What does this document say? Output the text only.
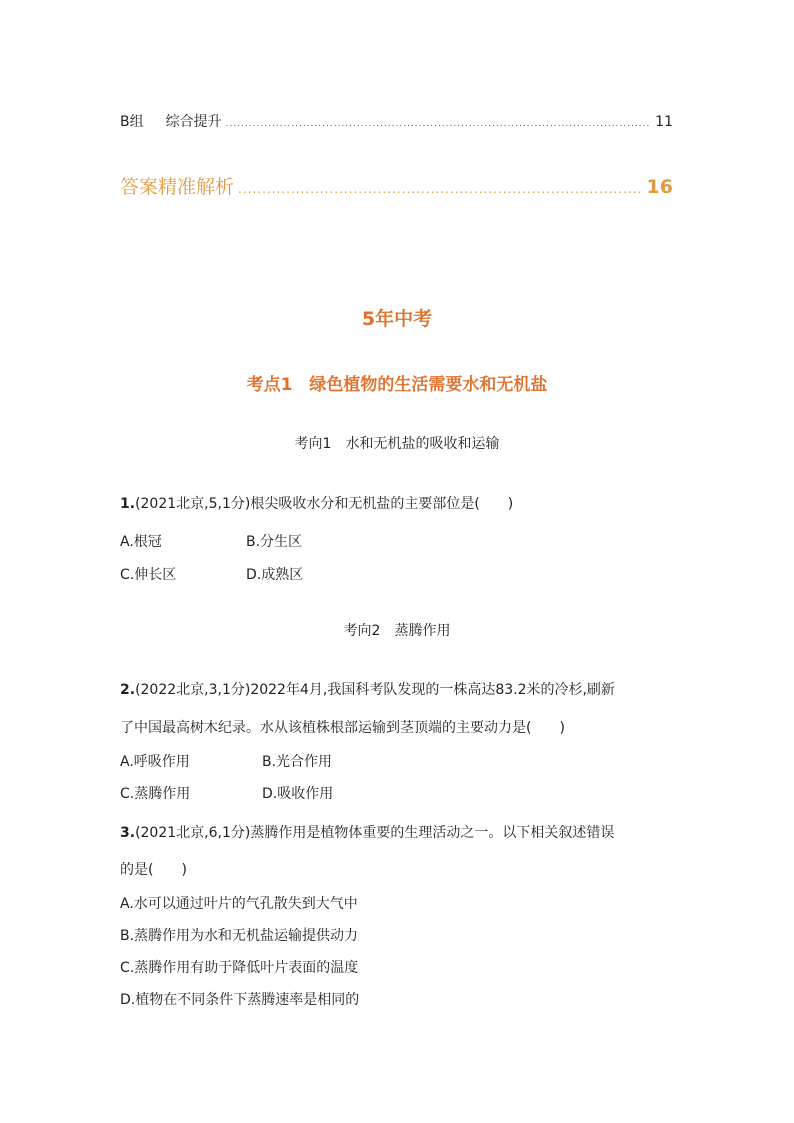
B组 综合提升 .....	11
答案精准解析 .....	16
5年中考
考点1　绿色植物的生活需要水和无机盐
考向1　水和无机盐的吸收和运输
1.(2021北京,5,1分)根尖吸收水分和无机盐的主要部位是(　　)
A.根冠	B.分生区
C.伸长区	D.成熟区
考向2　蒸腾作用
2.(2022北京,3,1分)2022年4月,我国科考队发现的一株高达83.2米的冷杉,刷新
了中国最高树木纪录。水从该植株根部运输到茎顶端的主要动力是(　　)
A.呼吸作用	B.光合作用
C.蒸腾作用	D.吸收作用
3.(2021北京,6,1分)蒸腾作用是植物体重要的生理活动之一。以下相关叙述错误
的是(　　)
A.水可以通过叶片的气孔散失到大气中
B.蒸腾作用为水和无机盐运输提供动力
C.蒸腾作用有助于降低叶片表面的温度
D.植物在不同条件下蒸腾速率是相同的
